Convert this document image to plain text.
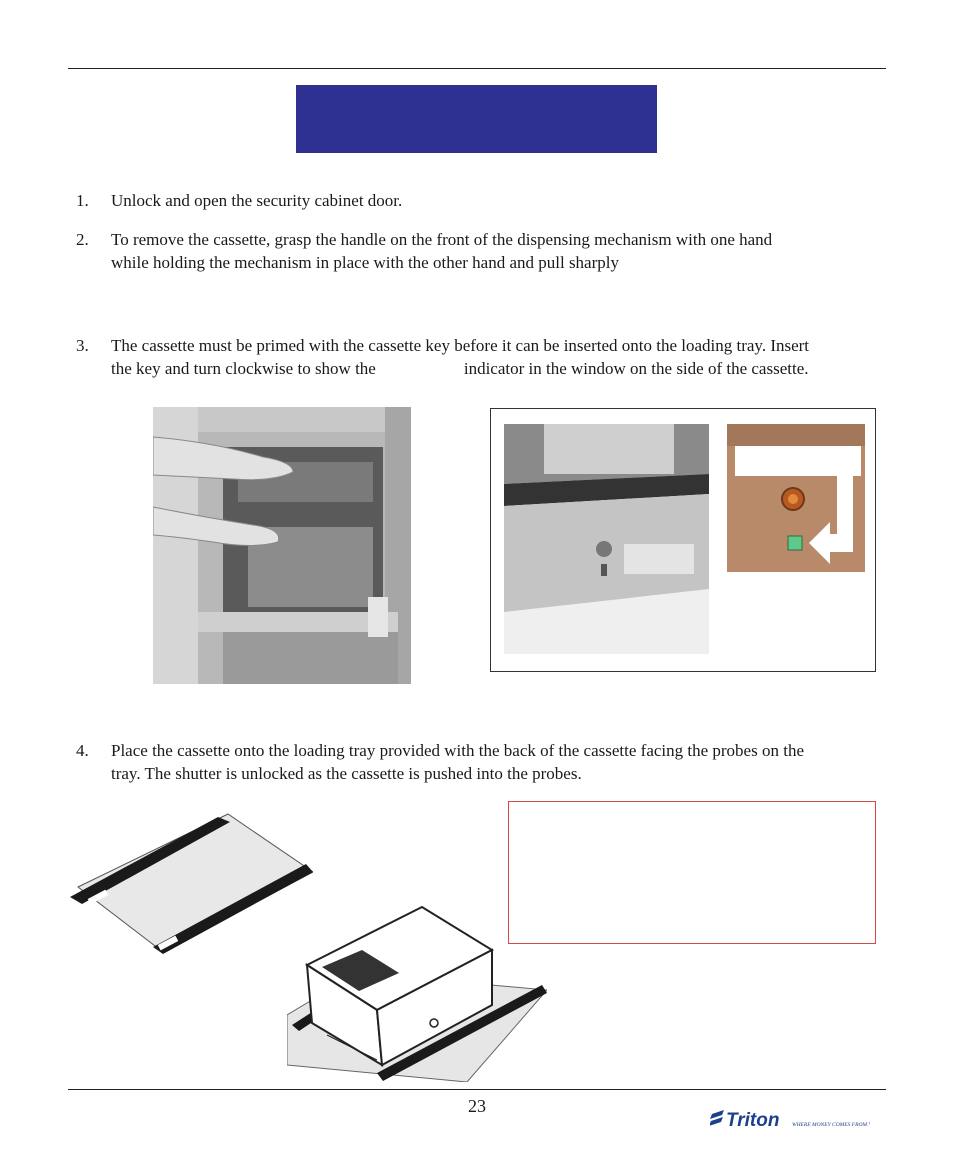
1.	Unlock and open the security cabinet door.
2.	To remove the cassette, grasp the handle on the front of the dispensing mechanism with one hand
while holding the mechanism in place with the other hand and pull sharply
3.	The cassette must be primed with the cassette key before it can be inserted onto the loading tray. Insert
the key and turn clockwise to show the	indicator in the window on the side of the cassette.
4.	Place the cassette onto the loading tray provided with the back of the cassette facing the probes on the
tray. The shutter is unlocked as the cassette is pushed into the probes.
23
Triton WHERE MONEY COMES FROM.™
